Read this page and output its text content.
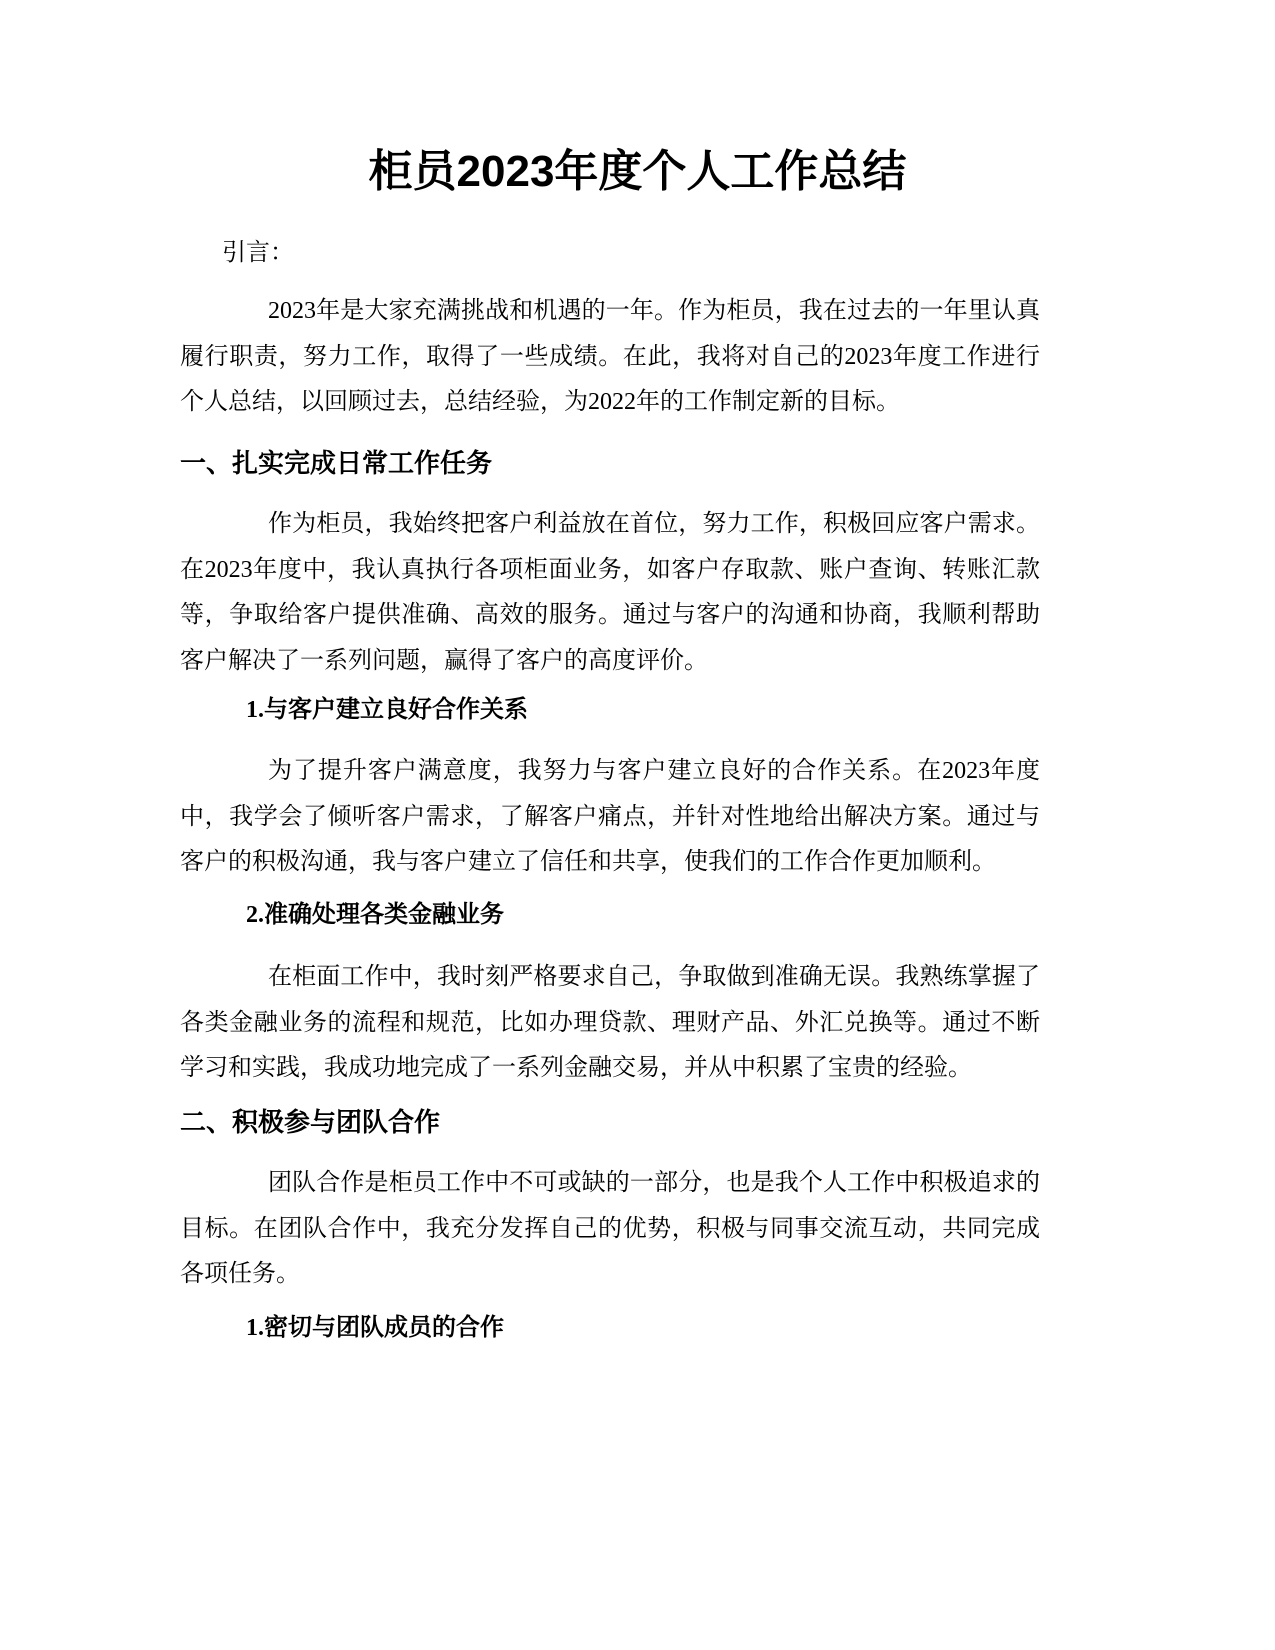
柜员2023年度个人工作总结

引言：

2023年是大家充满挑战和机遇的一年。作为柜员，我在过去的一年里认真履行职责，努力工作，取得了一些成绩。在此，我将对自己的2023年度工作进行个人总结，以回顾过去，总结经验，为2022年的工作制定新的目标。

一、扎实完成日常工作任务

作为柜员，我始终把客户利益放在首位，努力工作，积极回应客户需求。在2023年度中，我认真执行各项柜面业务，如客户存取款、账户查询、转账汇款等，争取给客户提供准确、高效的服务。通过与客户的沟通和协商，我顺利帮助客户解决了一系列问题，赢得了客户的高度评价。

1.与客户建立良好合作关系

为了提升客户满意度，我努力与客户建立良好的合作关系。在2023年度中，我学会了倾听客户需求，了解客户痛点，并针对性地给出解决方案。通过与客户的积极沟通，我与客户建立了信任和共享，使我们的工作合作更加顺利。

2.准确处理各类金融业务

在柜面工作中，我时刻严格要求自己，争取做到准确无误。我熟练掌握了各类金融业务的流程和规范，比如办理贷款、理财产品、外汇兑换等。通过不断学习和实践，我成功地完成了一系列金融交易，并从中积累了宝贵的经验。

二、积极参与团队合作

团队合作是柜员工作中不可或缺的一部分，也是我个人工作中积极追求的目标。在团队合作中，我充分发挥自己的优势，积极与同事交流互动，共同完成各项任务。

1.密切与团队成员的合作
